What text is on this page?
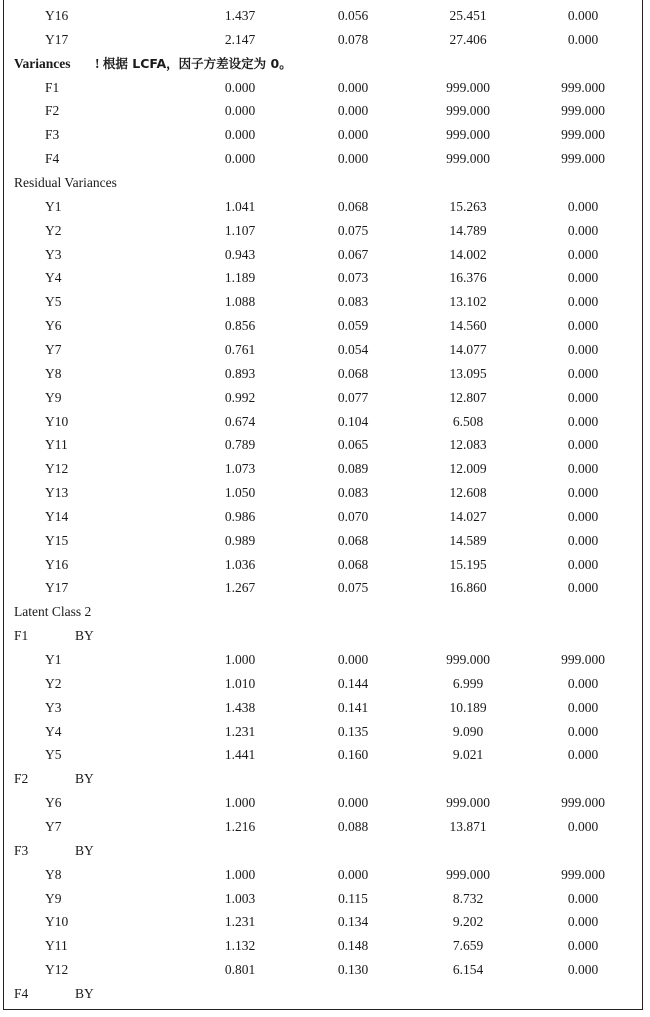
Y16	1.437	0.056	25.451	0.000
Y17	2.147	0.078	27.406	0.000
Variances ! 根据 LCFA，因子方差设定为 0。
F1	0.000	0.000	999.000	999.000
F2	0.000	0.000	999.000	999.000
F3	0.000	0.000	999.000	999.000
F4	0.000	0.000	999.000	999.000
Residual Variances
Y1	1.041	0.068	15.263	0.000
Y2	1.107	0.075	14.789	0.000
Y3	0.943	0.067	14.002	0.000
Y4	1.189	0.073	16.376	0.000
Y5	1.088	0.083	13.102	0.000
Y6	0.856	0.059	14.560	0.000
Y7	0.761	0.054	14.077	0.000
Y8	0.893	0.068	13.095	0.000
Y9	0.992	0.077	12.807	0.000
Y10	0.674	0.104	6.508	0.000
Y11	0.789	0.065	12.083	0.000
Y12	1.073	0.089	12.009	0.000
Y13	1.050	0.083	12.608	0.000
Y14	0.986	0.070	14.027	0.000
Y15	0.989	0.068	14.589	0.000
Y16	1.036	0.068	15.195	0.000
Y17	1.267	0.075	16.860	0.000
Latent Class 2
F1	BY
Y1	1.000	0.000	999.000	999.000
Y2	1.010	0.144	6.999	0.000
Y3	1.438	0.141	10.189	0.000
Y4	1.231	0.135	9.090	0.000
Y5	1.441	0.160	9.021	0.000
F2	BY
Y6	1.000	0.000	999.000	999.000
Y7	1.216	0.088	13.871	0.000
F3	BY
Y8	1.000	0.000	999.000	999.000
Y9	1.003	0.115	8.732	0.000
Y10	1.231	0.134	9.202	0.000
Y11	1.132	0.148	7.659	0.000
Y12	0.801	0.130	6.154	0.000
F4	BY
